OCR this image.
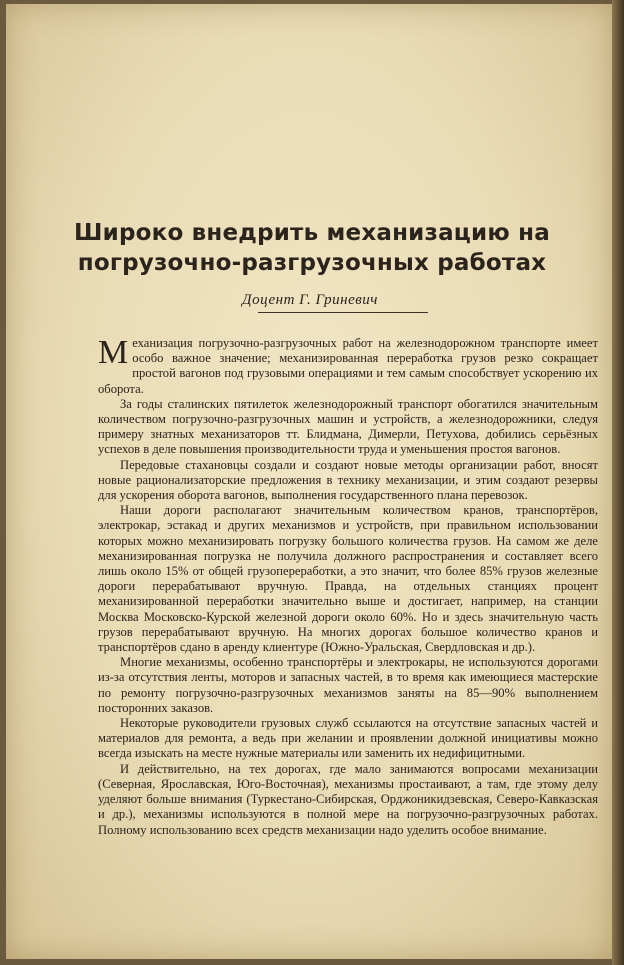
Широко внедрить механизацию на погрузочно-разгрузочных работах
Доцент Г. Гриневич

Механизация погрузочно-разгрузочных работ на железнодорожном транспорте имеет особо важное значение; механизированная переработка грузов резко сокращает простой вагонов под грузовыми операциями и тем самым способствует ускорению их оборота.

За годы сталинских пятилеток железнодорожный транспорт обогатился значительным количеством погрузочно-разгрузочных машин и устройств, а железнодорожники, следуя примеру знатных механизаторов тт. Блидмана, Димерли, Петухова, добились серьёзных успехов в деле повышения производительности труда и уменьшения простоя вагонов.

Передовые стахановцы создали и создают новые методы организации работ, вносят новые рационализаторские предложения в технику механизации, и этим создают резервы для ускорения оборота вагонов, выполнения государственного плана перевозок.

Наши дороги располагают значительным количеством кранов, транспортёров, электрокар, эстакад и других механизмов и устройств, при правильном использовании которых можно механизировать погрузку большого количества грузов. На самом же деле механизированная погрузка не получила должного распространения и составляет всего лишь около 15% от общей грузопереработки, а это значит, что более 85% грузов железные дороги перерабатывают вручную. Правда, на отдельных станциях процент механизированной переработки значительно выше и достигает, например, на станции Москва Московско-Курской железной дороги около 60%. Но и здесь значительную часть грузов перерабатывают вручную. На многих дорогах большое количество кранов и транспортёров сдано в аренду клиентуре (Южно-Уральская, Свердловская и др.).

Многие механизмы, особенно транспортёры и электрокары, не используются дорогами из-за отсутствия ленты, моторов и запасных частей, в то время как имеющиеся мастерские по ремонту погрузочно-разгрузочных механизмов заняты на 85—90% выполнением посторонних заказов.

Некоторые руководители грузовых служб ссылаются на отсутствие запасных частей и материалов для ремонта, а ведь при желании и проявлении должной инициативы можно всегда изыскать на месте нужные материалы или заменить их недифицитными.

И действительно, на тех дорогах, где мало занимаются вопросами механизации (Северная, Ярославская, Юго-Восточная), механизмы простаивают, а там, где этому делу уделяют больше внимания (Туркестано-Сибирская, Орджоникидзевская, Северо-Кавказская и др.), механизмы используются в полной мере на погрузочно-разгрузочных работах. Полному использованию всех средств механизации надо уделить особое внимание.
